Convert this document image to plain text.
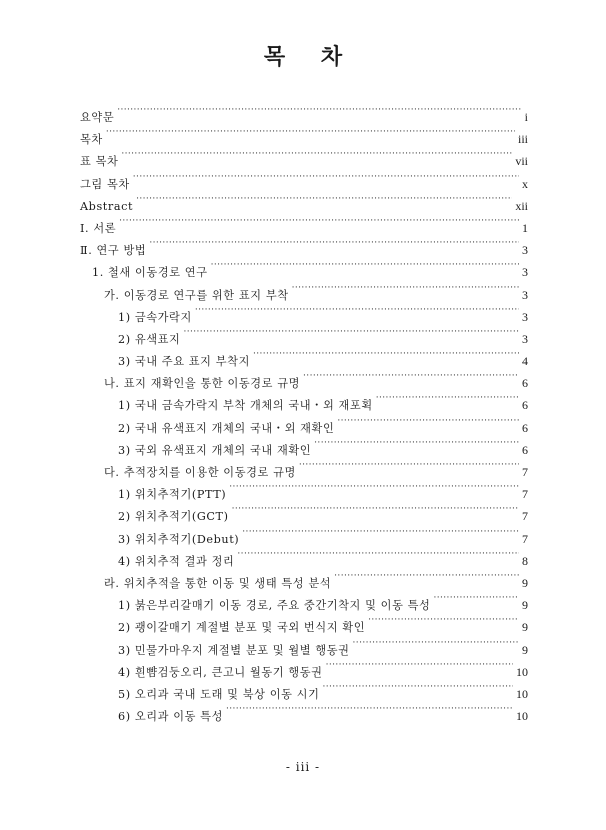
목 차
요약문 ·····	i
목차 ·····	iii
표 목차 ·····	vii
그림 목차 ·····	x
Abstract ·····	xii
Ⅰ. 서론 ·····	1
Ⅱ. 연구 방법 ·····	3
1. 철새 이동경로 연구 ·····	3
가. 이동경로 연구를 위한 표지 부착 ·····	3
1) 금속가락지 ·····	3
2) 유색표지 ·····	3
3) 국내 주요 표지 부착지 ·····	4
나. 표지 재확인을 통한 이동경로 규명 ·····	6
1) 국내 금속가락지 부착 개체의 국내・외 재포획 ·····	6
2) 국내 유색표지 개체의 국내・외 재확인 ·····	6
3) 국외 유색표지 개체의 국내 재확인 ·····	6
다. 추적장치를 이용한 이동경로 규명 ·····	7
1) 위치추적기(PTT) ·····	7
2) 위치추적기(GCT) ·····	7
3) 위치추적기(Debut) ·····	7
4) 위치추적 결과 정리 ·····	8
라. 위치추적을 통한 이동 및 생태 특성 분석 ·····	9
1) 붉은부리갈매기 이동 경로, 주요 중간기착지 및 이동 특성 ·····	9
2) 괭이갈매기 계절별 분포 및 국외 번식지 확인 ·····	9
3) 민물가마우지 계절별 분포 및 월별 행동권 ·····	9
4) 흰뺨검둥오리, 큰고니 월동기 행동권 ·····	10
5) 오리과 국내 도래 및 북상 이동 시기 ·····	10
6) 오리과 이동 특성 ·····	10
- iii -
